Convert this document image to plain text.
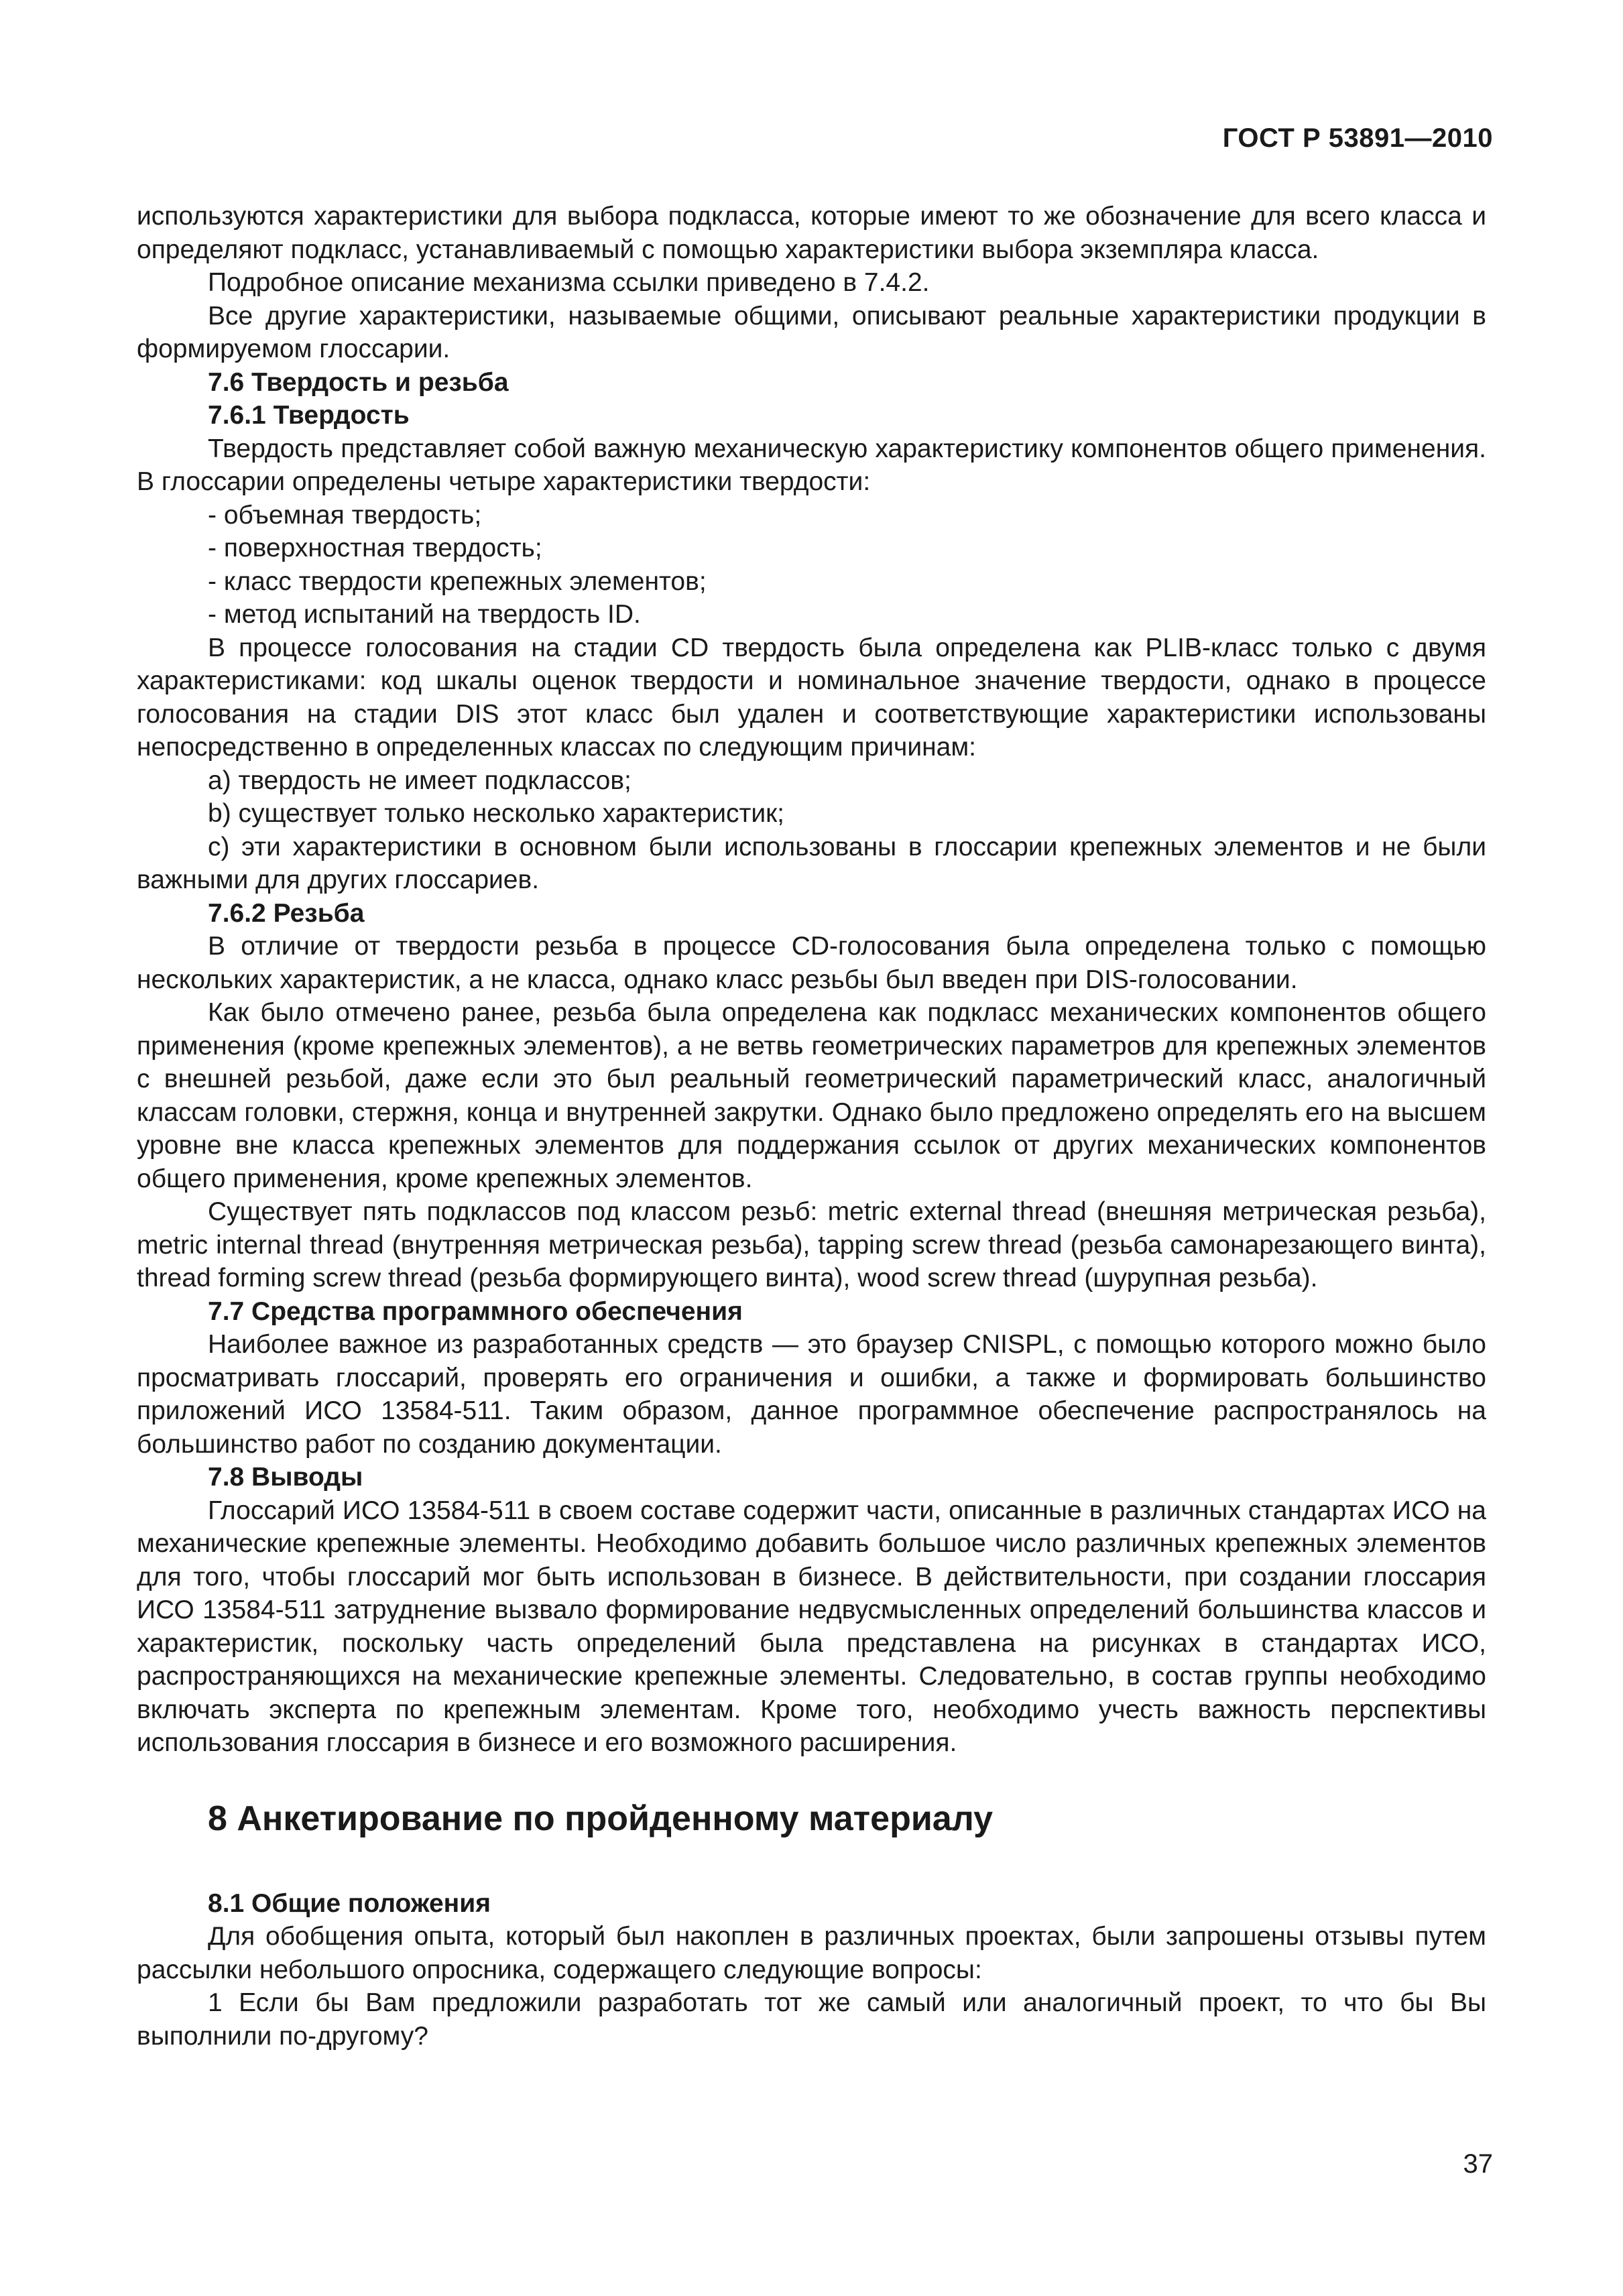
ГОСТ Р 53891—2010

используются характеристики для выбора подкласса, которые имеют то же обозначение для всего класса и определяют подкласс, устанавливаемый с помощью характеристики выбора экземпляра класса.

Подробное описание механизма ссылки приведено в 7.4.2.

Все другие характеристики, называемые общими, описывают реальные характеристики продукции в формируемом глоссарии.

7.6 Твердость и резьба
7.6.1 Твердость

Твердость представляет собой важную механическую характеристику компонентов общего применения. В глоссарии определены четыре характеристики твердости:

- объемная твердость;

- поверхностная твердость;

- класс твердости крепежных элементов;

- метод испытаний на твердость ID.

В процессе голосования на стадии CD твердость была определена как PLIB-класс только с двумя характеристиками: код шкалы оценок твердости и номинальное значение твердости, однако в процессе голосования на стадии DIS этот класс был удален и соответствующие характеристики использованы непосредственно в определенных классах по следующим причинам:

a) твердость не имеет подклассов;

b) существует только несколько характеристик;

c) эти характеристики в основном были использованы в глоссарии крепежных элементов и не были важными для других глоссариев.

7.6.2 Резьба

В отличие от твердости резьба в процессе CD-голосования была определена только с помощью нескольких характеристик, а не класса, однако класс резьбы был введен при DIS-голосовании.

Как было отмечено ранее, резьба была определена как подкласс механических компонентов общего применения (кроме крепежных элементов), а не ветвь геометрических параметров для крепежных элементов с внешней резьбой, даже если это был реальный геометрический параметрический класс, аналогичный классам головки, стержня, конца и внутренней закрутки. Однако было предложено определять его на высшем уровне вне класса крепежных элементов для поддержания ссылок от других механических компонентов общего применения, кроме крепежных элементов.

Существует пять подклассов под классом резьб: metric external thread (внешняя метрическая резьба), metric internal thread (внутренняя метрическая резьба), tapping screw thread (резьба самонарезающего винта), thread forming screw thread (резьба формирующего винта), wood screw thread (шурупная резьба).

7.7 Средства программного обеспечения

Наиболее важное из разработанных средств — это браузер CNISPL, с помощью которого можно было просматривать глоссарий, проверять его ограничения и ошибки, а также и формировать большинство приложений ИСО 13584-511. Таким образом, данное программное обеспечение распространялось на большинство работ по созданию документации.

7.8 Выводы

Глоссарий ИСО 13584-511 в своем составе содержит части, описанные в различных стандартах ИСО на механические крепежные элементы. Необходимо добавить большое число различных крепежных элементов для того, чтобы глоссарий мог быть использован в бизнесе. В действительности, при создании глоссария ИСО 13584-511 затруднение вызвало формирование недвусмысленных определений большинства классов и характеристик, поскольку часть определений была представлена на рисунках в стандартах ИСО, распространяющихся на механические крепежные элементы. Следовательно, в состав группы необходимо включать эксперта по крепежным элементам. Кроме того, необходимо учесть важность перспективы использования глоссария в бизнесе и его возможного расширения.

8 Анкетирование по пройденному материалу
8.1 Общие положения

Для обобщения опыта, который был накоплен в различных проектах, были запрошены отзывы путем рассылки небольшого опросника, содержащего следующие вопросы:

1 Если бы Вам предложили разработать тот же самый или аналогичный проект, то что бы Вы выполнили по-другому?

37
